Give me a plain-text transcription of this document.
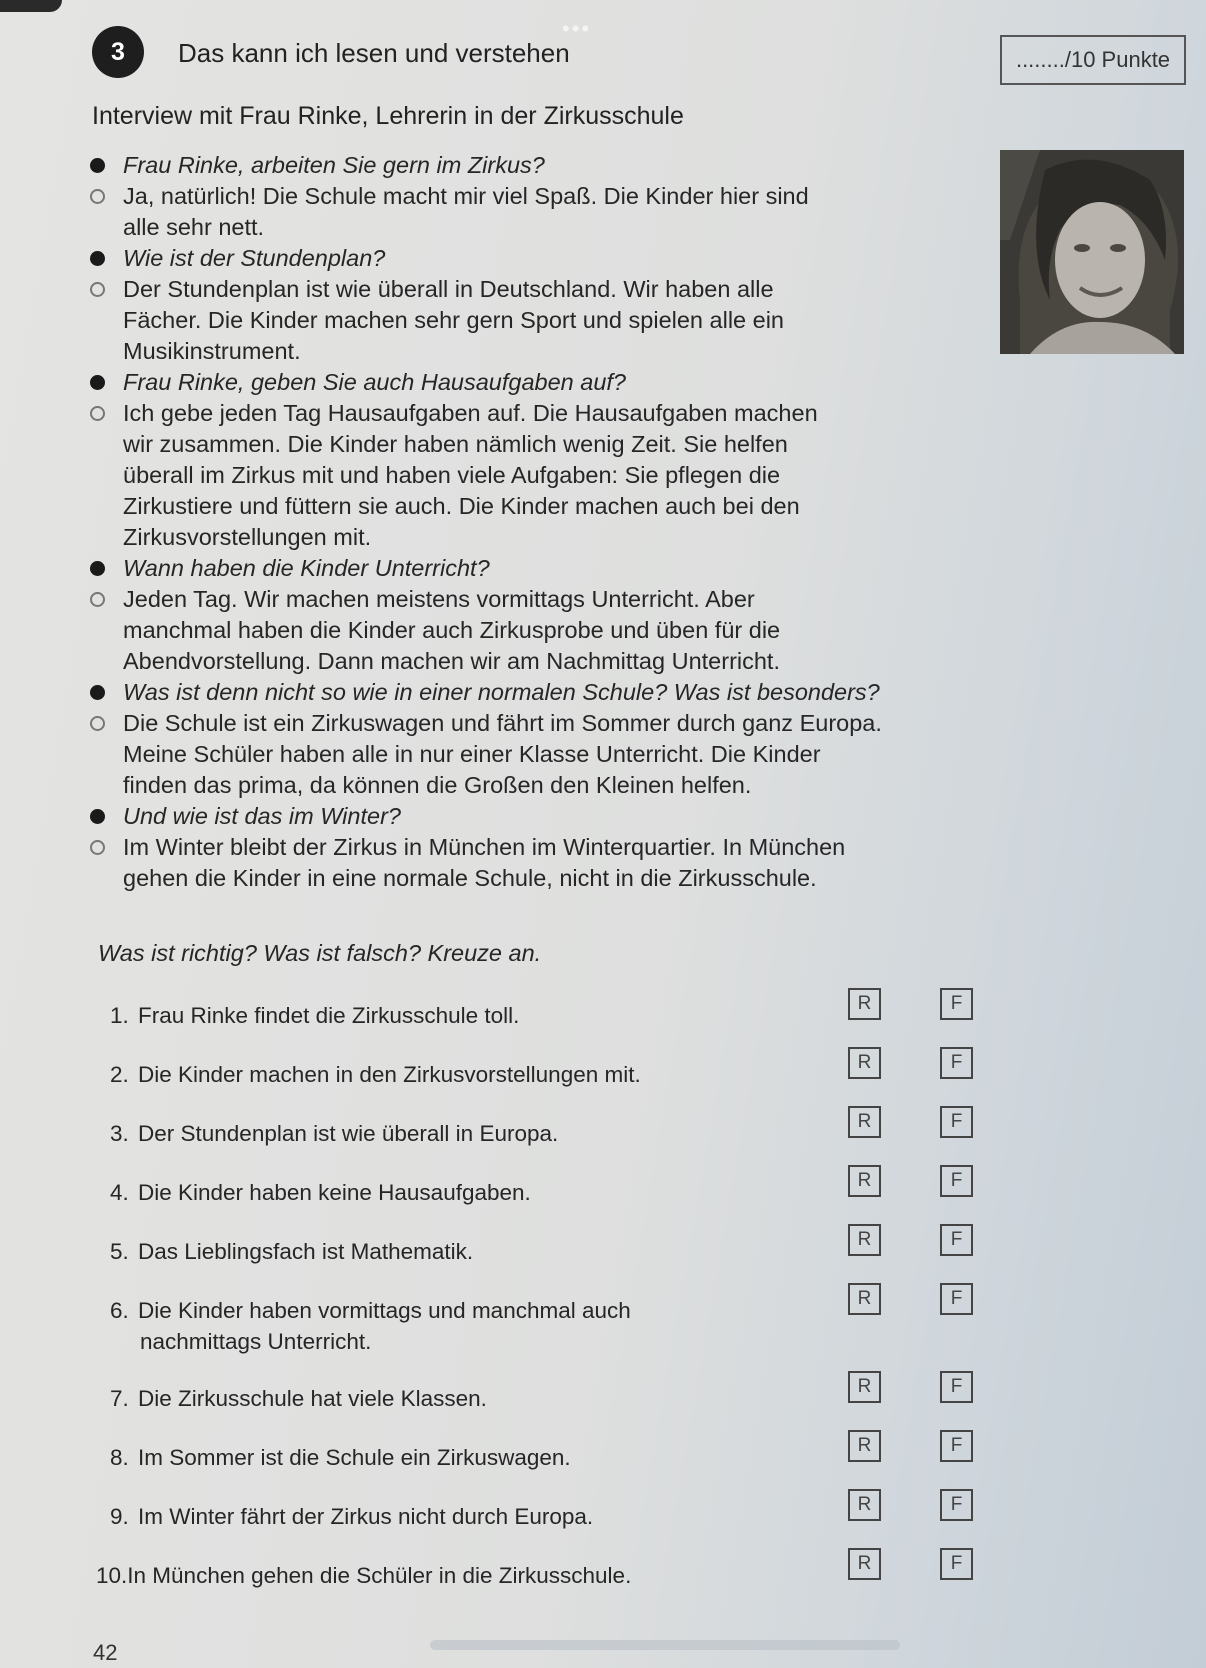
•••
3	Das kann ich lesen und verstehen	......../10 Punkte
Interview mit Frau Rinke, Lehrerin in der Zirkusschule
Frau Rinke, arbeiten Sie gern im Zirkus?
Ja, natürlich! Die Schule macht mir viel Spaß. Die Kinder hier sind
alle sehr nett.
Wie ist der Stundenplan?
Der Stundenplan ist wie überall in Deutschland. Wir haben alle
Fächer. Die Kinder machen sehr gern Sport und spielen alle ein
Musikinstrument.
Frau Rinke, geben Sie auch Hausaufgaben auf?
Ich gebe jeden Tag Hausaufgaben auf. Die Hausaufgaben machen
wir zusammen. Die Kinder haben nämlich wenig Zeit. Sie helfen
überall im Zirkus mit und haben viele Aufgaben: Sie pflegen die
Zirkustiere und füttern sie auch. Die Kinder machen auch bei den
Zirkusvorstellungen mit.
Wann haben die Kinder Unterricht?
Jeden Tag. Wir machen meistens vormittags Unterricht. Aber
manchmal haben die Kinder auch Zirkusprobe und üben für die
Abendvorstellung. Dann machen wir am Nachmittag Unterricht.
Was ist denn nicht so wie in einer normalen Schule? Was ist besonders?
Die Schule ist ein Zirkuswagen und fährt im Sommer durch ganz Europa.
Meine Schüler haben alle in nur einer Klasse Unterricht. Die Kinder
finden das prima, da können die Großen den Kleinen helfen.
Und wie ist das im Winter?
Im Winter bleibt der Zirkus in München im Winterquartier. In München
gehen die Kinder in eine normale Schule, nicht in die Zirkusschule.
Was ist richtig? Was ist falsch? Kreuze an.
1. Frau Rinke findet die Zirkusschule toll.	R	F
2. Die Kinder machen in den Zirkusvorstellungen mit.	R	F
3. Der Stundenplan ist wie überall in Europa.	R	F
4. Die Kinder haben keine Hausaufgaben.	R	F
5. Das Lieblingsfach ist Mathematik.	R	F
6. Die Kinder haben vormittags und manchmal auch
nachmittags Unterricht.
R	F
7. Die Zirkusschule hat viele Klassen.	R	F
8. Im Sommer ist die Schule ein Zirkuswagen.	R	F
9. Im Winter fährt der Zirkus nicht durch Europa.	R	F
10.In München gehen die Schüler in die Zirkusschule.	R	F
42
